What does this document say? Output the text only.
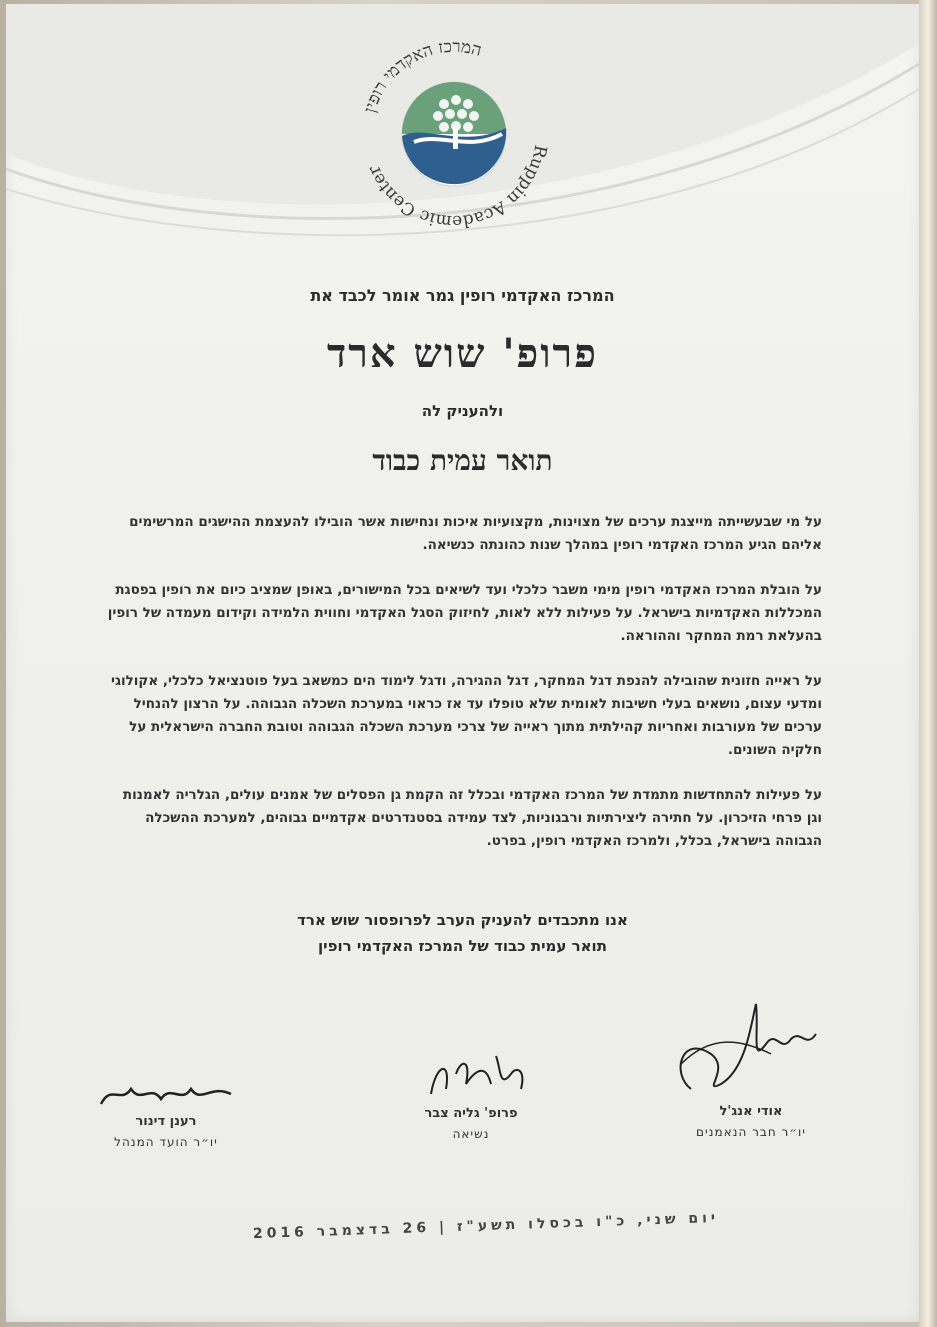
המרכז האקדמי רופין
Ruppin Academic Center
המרכז האקדמי רופין גמר אומר לכבד את
פרופ' שוש ארד
ולהעניק לה
תואר עמית כבוד

על מי שבעשייתה מייצגת ערכים של מצוינות, מקצועיות איכות ונחישות אשר הובילו להעצמת ההישגים המרשימים אליהם הגיע המרכז האקדמי רופין במהלך שנות כהונתה כנשיאה.

על הובלת המרכז האקדמי רופין מימי משבר כלכלי ועד לשיאים בכל המישורים, באופן שמציב כיום את רופין בפסגת המכללות האקדמיות בישראל. על פעילות ללא לאות, לחיזוק הסגל האקדמי וחווית הלמידה וקידום מעמדה של רופין בהעלאת רמת המחקר וההוראה.

על ראייה חזונית שהובילה להנפת דגל המחקר, דגל ההגירה, ודגל לימוד הים כמשאב בעל פוטנציאל כלכלי, אקולוגי ומדעי עצום, נושאים בעלי חשיבות לאומית שלא טופלו עד אז כראוי במערכת השכלה הגבוהה. על הרצון להנחיל ערכים של מעורבות ואחריות קהילתית מתוך ראייה של צרכי מערכת השכלה הגבוהה וטובת החברה הישראלית על חלקיה השונים.

על פעילות להתחדשות מתמדת של המרכז האקדמי ובכלל זה הקמת גן הפסלים של אמנים עולים, הגלריה לאמנות וגן פרחי הזיכרון. על חתירה ליצירתיות ורבגוניות, לצד עמידה בסטנדרטים אקדמיים גבוהים, למערכת ההשכלה הגבוהה בישראל, בכלל, ולמרכז האקדמי רופין, בפרט.

אנו מתכבדים להעניק הערב לפרופסור שוש ארד
תואר עמית כבוד של המרכז האקדמי רופין
אודי אנג'ל
יו״ר חבר הנאמנים
פרופ' גליה צבר
נשיאה
רענן דינור
יו״ר הועד המנהל
יום שני, כ"ו בכסלו תשע"ז | 26 בדצמבר 2016
